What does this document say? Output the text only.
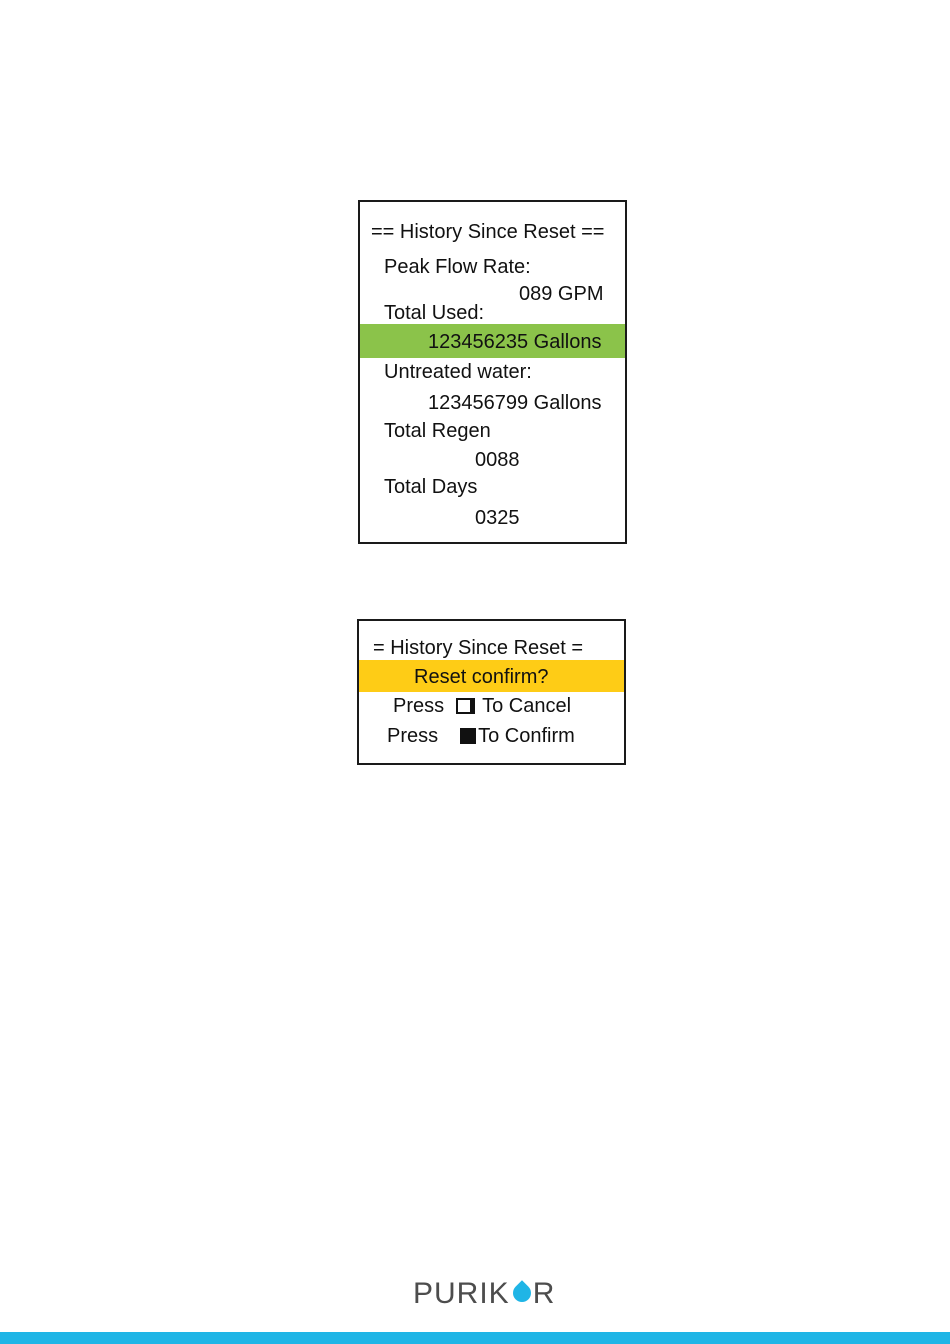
== History Since Reset ==
Peak Flow Rate:
089 GPM
Total Used:
123456235 Gallons
Untreated water:
123456799 Gallons
Total Regen
0088
Total Days
0325
= History Since Reset =
Reset confirm?
Press To Cancel
Press To Confirm
PURIK R
